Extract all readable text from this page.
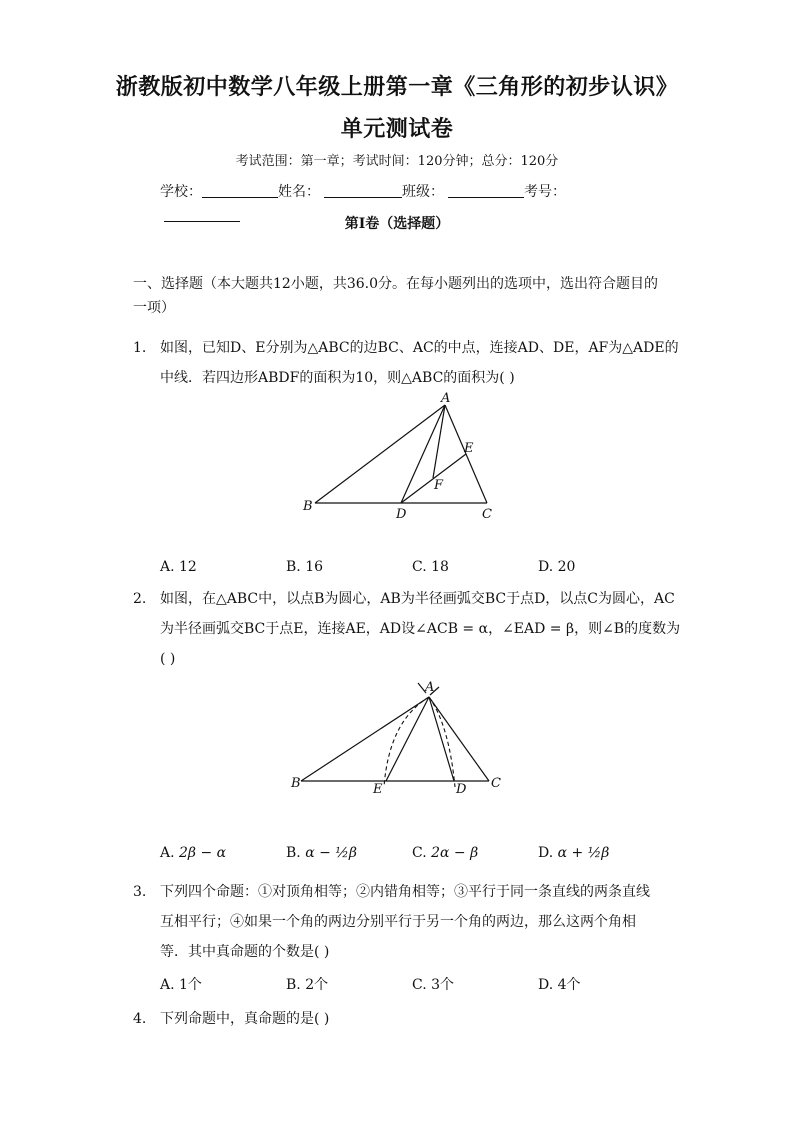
浙教版初中数学八年级上册第一章《三角形的初步认识》
单元测试卷
考试范围：第一章；考试时间：120分钟；总分：120分
学校：	姓名：	班级：	考号：
第I卷（选择题）
一、选择题（本大题共12小题，共36.0分。在每小题列出的选项中，选出符合题目的
一项）
1. 如图，已知D、E分别为△ABC的边BC、AC的中点，连接AD、DE，AF为△ADE的
中线．若四边形ABDF的面积为10，则△ABC的面积为( )
A
B
C
D
E
F
A. 12	B. 16	C. 18	D. 20
2. 如图，在△ABC中，以点B为圆心，AB为半径画弧交BC于点D，以点C为圆心，AC
为半径画弧交BC于点E，连接AE，AD设∠ACB = α，∠EAD = β，则∠B的度数为
( )
A
B	C
D
E
A. 2β − α	B. α − ½β	C. 2α − β	D. α + ½β
3. 下列四个命题：①对顶角相等；②内错角相等；③平行于同一条直线的两条直线
互相平行；④如果一个角的两边分别平行于另一个角的两边，那么这两个角相
等．其中真命题的个数是( )
A. 1个	B. 2个	C. 3个	D. 4个
4. 下列命题中，真命题的是( )
